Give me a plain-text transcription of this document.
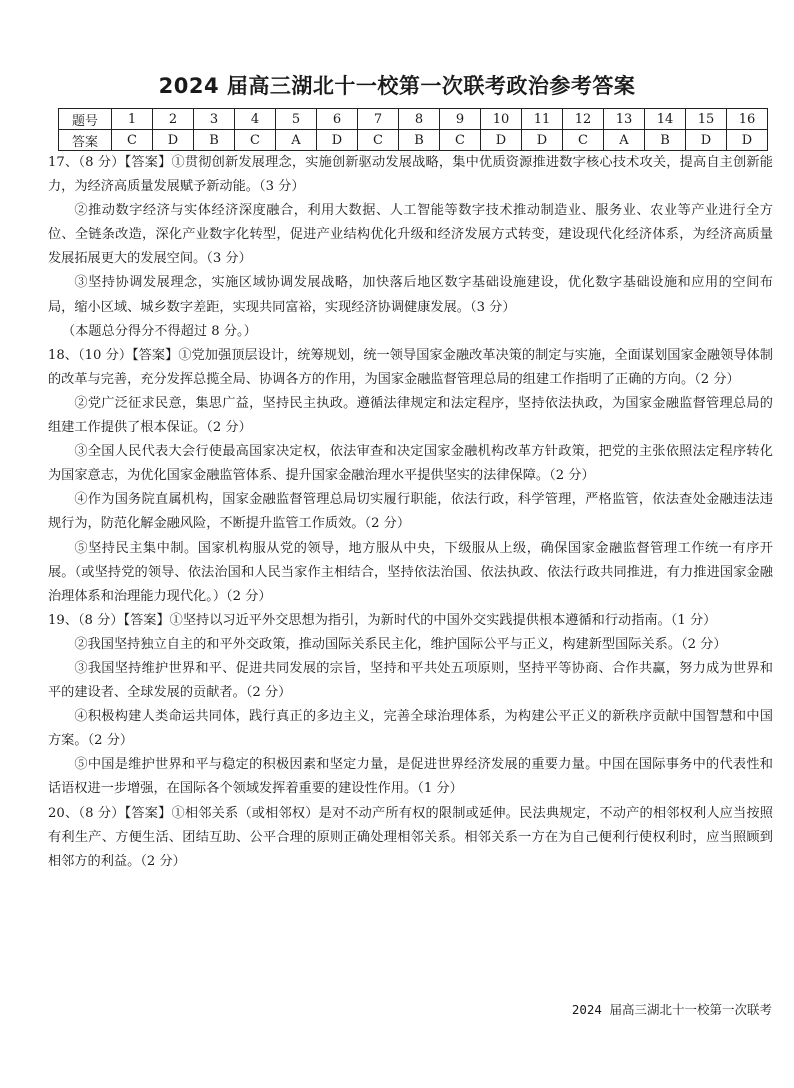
2024 届高三湖北十一校第一次联考政治参考答案
题号	1	2	3	4	5	6	7	8	9	10	11	12	13	14	15	16
答案	C	D	B	C	A	D	C	B	C	D	D	C	A	B	D	D

17、（8 分）【答案】①贯彻创新发展理念，实施创新驱动发展战略，集中优质资源推进数字核心技术攻关，提高自主创新能力，为经济高质量发展赋予新动能。（3 分）

②推动数字经济与实体经济深度融合，利用大数据、人工智能等数字技术推动制造业、服务业、农业等产业进行全方位、全链条改造，深化产业数字化转型，促进产业结构优化升级和经济发展方式转变，建设现代化经济体系，为经济高质量发展拓展更大的发展空间。（3 分）

③坚持协调发展理念，实施区域协调发展战略，加快落后地区数字基础设施建设，优化数字基础设施和应用的空间布局，缩小区域、城乡数字差距，实现共同富裕，实现经济协调健康发展。（3 分）

（本题总分得分不得超过 8 分。）

18、（10 分）【答案】①党加强顶层设计，统筹规划，统一领导国家金融改革决策的制定与实施，全面谋划国家金融领导体制的改革与完善，充分发挥总揽全局、协调各方的作用，为国家金融监督管理总局的组建工作指明了正确的方向。（2 分）

②党广泛征求民意，集思广益，坚持民主执政。遵循法律规定和法定程序，坚持依法执政，为国家金融监督管理总局的组建工作提供了根本保证。（2 分）

③全国人民代表大会行使最高国家决定权，依法审查和决定国家金融机构改革方针政策，把党的主张依照法定程序转化为国家意志，为优化国家金融监管体系、提升国家金融治理水平提供坚实的法律保障。（2 分）

④作为国务院直属机构，国家金融监督管理总局切实履行职能，依法行政，科学管理，严格监管，依法查处金融违法违规行为，防范化解金融风险，不断提升监管工作质效。（2 分）

⑤坚持民主集中制。国家机构服从党的领导，地方服从中央，下级服从上级，确保国家金融监督管理工作统一有序开展。（或坚持党的领导、依法治国和人民当家作主相结合，坚持依法治国、依法执政、依法行政共同推进，有力推进国家金融治理体系和治理能力现代化。）（2 分）

19、（8 分）【答案】①坚持以习近平外交思想为指引，为新时代的中国外交实践提供根本遵循和行动指南。（1 分）

②我国坚持独立自主的和平外交政策，推动国际关系民主化，维护国际公平与正义，构建新型国际关系。（2 分）

③我国坚持维护世界和平、促进共同发展的宗旨，坚持和平共处五项原则，坚持平等协商、合作共赢，努力成为世界和平的建设者、全球发展的贡献者。（2 分）

④积极构建人类命运共同体，践行真正的多边主义，完善全球治理体系，为构建公平正义的新秩序贡献中国智慧和中国方案。（2 分）

⑤中国是维护世界和平与稳定的积极因素和坚定力量，是促进世界经济发展的重要力量。中国在国际事务中的代表性和话语权进一步增强，在国际各个领域发挥着重要的建设性作用。（1 分）

20、（8 分）【答案】①相邻关系（或相邻权）是对不动产所有权的限制或延伸。民法典规定，不动产的相邻权利人应当按照有利生产、方便生活、团结互助、公平合理的原则正确处理相邻关系。相邻关系一方在为自己便利行使权利时，应当照顾到相邻方的利益。（2 分）

2024 届高三湖北十一校第一次联考
